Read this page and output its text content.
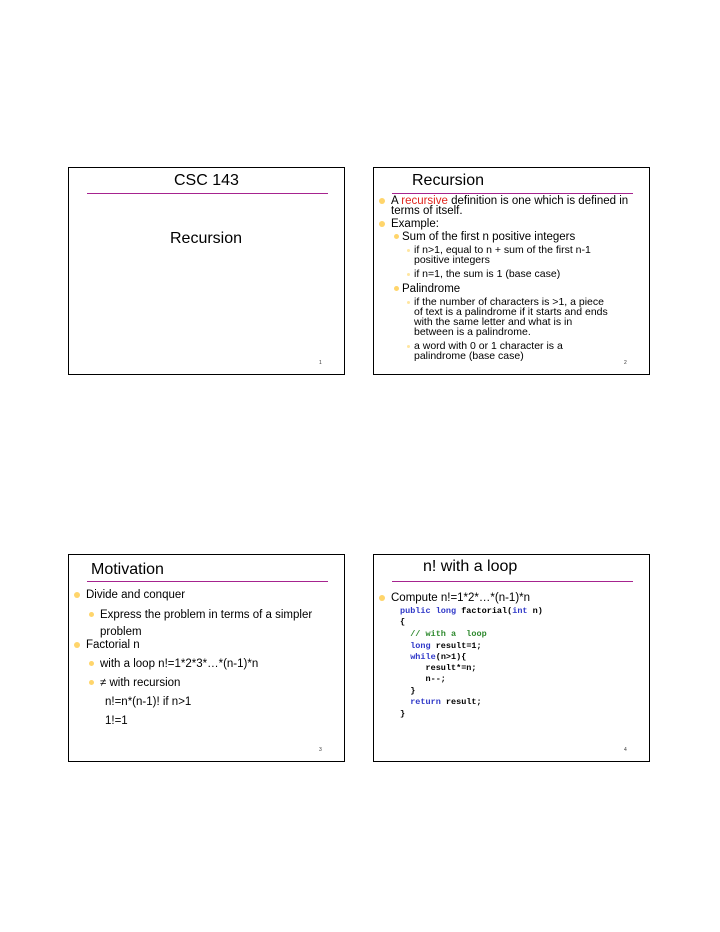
CSC 143
Recursion
1
Recursion
A recursive definition is one which is defined in
terms of itself.
Example:
Sum of the first n positive integers
if n>1, equal to n + sum of the first n-1
positive integers
if n=1, the sum is 1 (base case)
Palindrome
if the number of characters is >1, a piece
of text is a palindrome if it starts and ends
with the same letter and what is in
between is a palindrome.
a word with 0 or 1 character is a
palindrome (base case)
2
Motivation
Divide and conquer
Express the problem in terms of a simpler
problem
Factorial n
with a loop n!=1*2*3*…*(n-1)*n
≠ with recursion
n!=n*(n-1)! if n>1
1!=1
3
n! with a loop
Compute n!=1*2*…*(n-1)*n
public long factorial(int n)
{
// with a  loop
long result=1;
while(n>1){
result*=n;
n--;
}
return result;
}
4
